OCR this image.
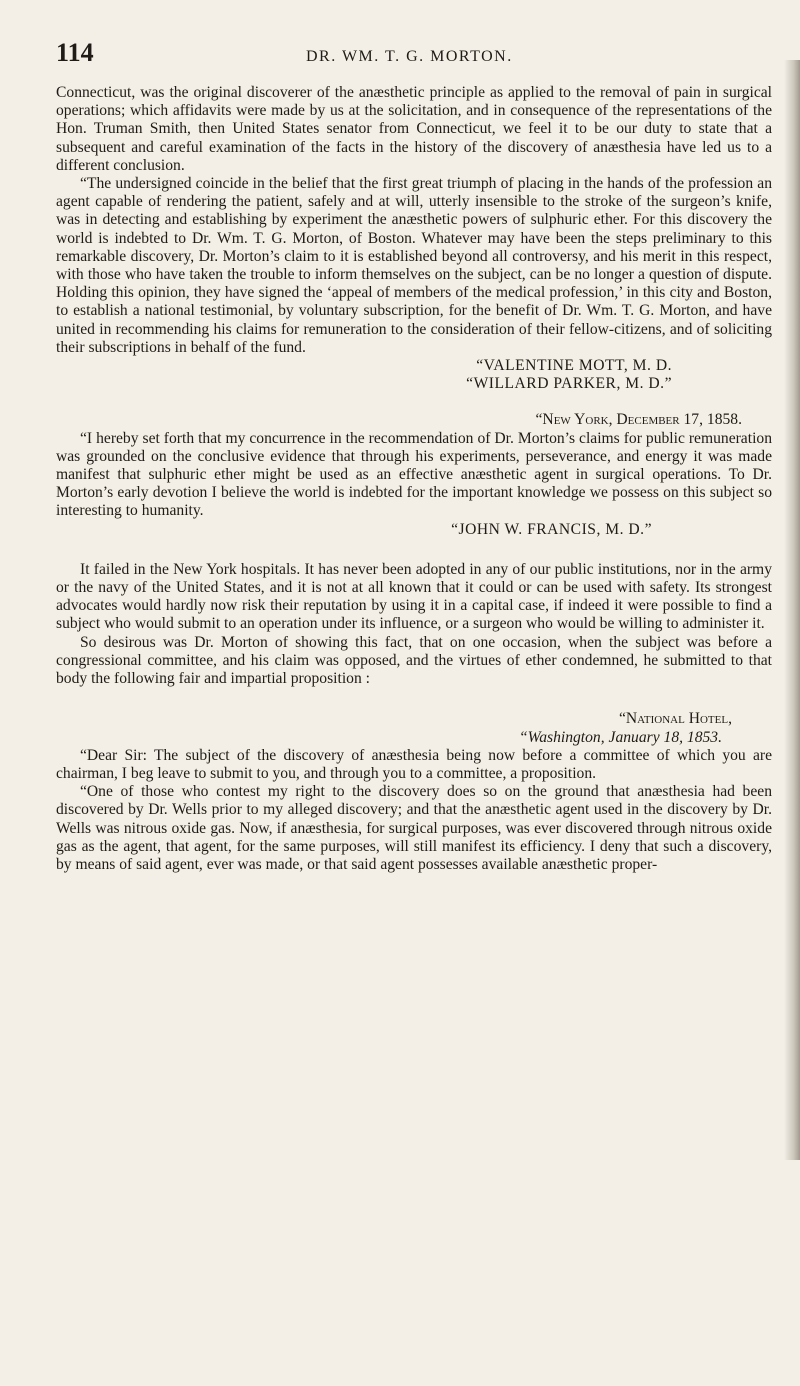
114	DR. WM. T. G. MORTON.

Connecticut, was the original discoverer of the anæsthetic principle as applied to the removal of pain in surgical operations; which affidavits were made by us at the solicitation, and in consequence of the representations of the Hon. Truman Smith, then United States senator from Connecticut, we feel it to be our duty to state that a subsequent and careful examination of the facts in the history of the discovery of anæsthesia have led us to a different conclusion.

“The undersigned coincide in the belief that the first great triumph of placing in the hands of the profession an agent capable of rendering the patient, safely and at will, utterly insensible to the stroke of the surgeon’s knife, was in detecting and establishing by experiment the anæsthetic powers of sulphuric ether. For this discovery the world is indebted to Dr. Wm. T. G. Morton, of Boston. Whatever may have been the steps preliminary to this remarkable discovery, Dr. Morton’s claim to it is established beyond all controversy, and his merit in this respect, with those who have taken the trouble to inform themselves on the subject, can be no longer a question of dispute. Holding this opinion, they have signed the ‘appeal of members of the medical profession,’ in this city and Boston, to establish a national testimonial, by voluntary subscription, for the benefit of Dr. Wm. T. G. Morton, and have united in recommending his claims for remuneration to the consideration of their fellow-citizens, and of soliciting their subscriptions in behalf of the fund.

“VALENTINE MOTT, M. D.

“WILLARD PARKER, M. D.”

“New York, December 17, 1858.

“I hereby set forth that my concurrence in the recommendation of Dr. Morton’s claims for public remuneration was grounded on the conclusive evidence that through his experiments, perseverance, and energy it was made manifest that sulphuric ether might be used as an effective anæsthetic agent in surgical operations. To Dr. Morton’s early devotion I believe the world is indebted for the important knowledge we possess on this subject so interesting to humanity.

“JOHN W. FRANCIS, M. D.”

It failed in the New York hospitals. It has never been adopted in any of our public institutions, nor in the army or the navy of the United States, and it is not at all known that it could or can be used with safety. Its strongest advocates would hardly now risk their reputation by using it in a capital case, if indeed it were possible to find a subject who would submit to an operation under its influence, or a surgeon who would be willing to administer it.

So desirous was Dr. Morton of showing this fact, that on one occasion, when the subject was before a congressional committee, and his claim was opposed, and the virtues of ether condemned, he submitted to that body the following fair and impartial proposition :

“National Hotel,

“Washington, January 18, 1853.

“Dear Sir: The subject of the discovery of anæsthesia being now before a committee of which you are chairman, I beg leave to submit to you, and through you to a committee, a proposition.

“One of those who contest my right to the discovery does so on the ground that anæsthesia had been discovered by Dr. Wells prior to my alleged discovery; and that the anæsthetic agent used in the discovery by Dr. Wells was nitrous oxide gas. Now, if anæsthesia, for surgical purposes, was ever discovered through nitrous oxide gas as the agent, that agent, for the same purposes, will still manifest its efficiency. I deny that such a discovery, by means of said agent, ever was made, or that said agent possesses available anæsthetic proper-
